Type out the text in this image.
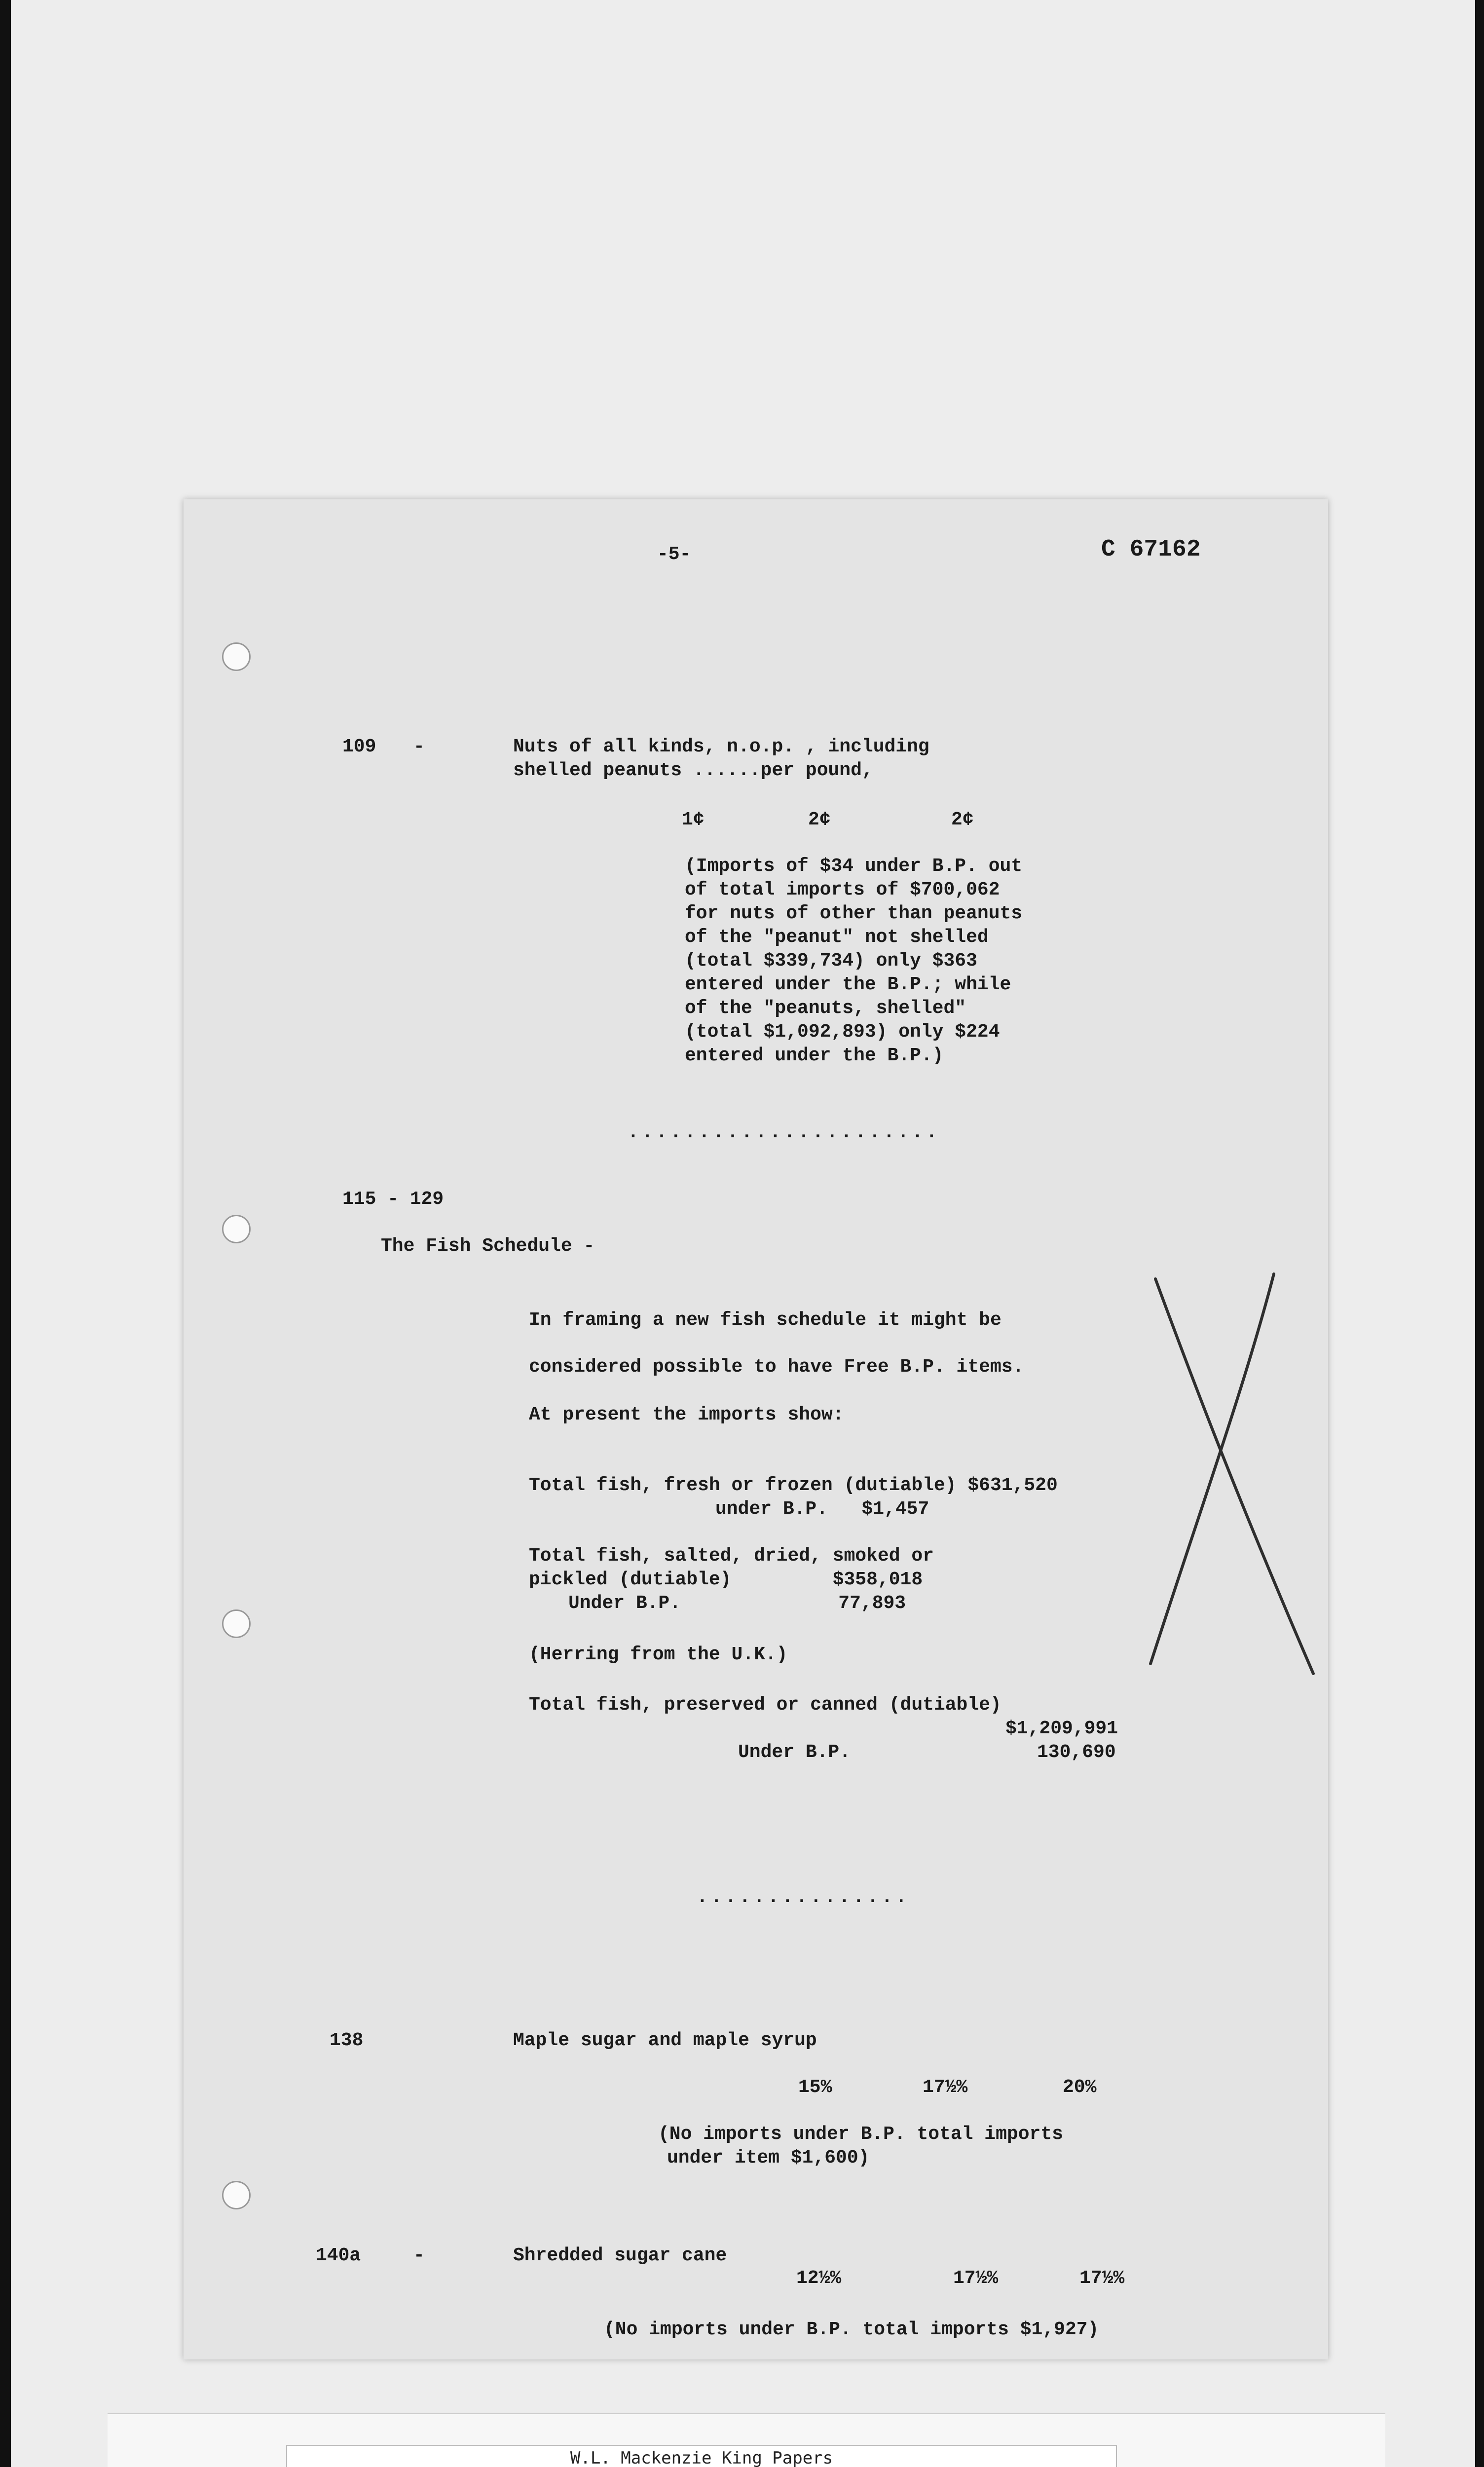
-5-	C 67162
109 -	Nuts of all kinds, n.o.p. , including
shelled peanuts ......per pound,
1¢	2¢	2¢
(Imports of $34 under B.P. out
of total imports of $700,062
for nuts of other than peanuts
of the "peanut" not shelled
(total $339,734) only $363
entered under the B.P.; while
of the "peanuts, shelled"
(total $1,092,893) only $224
entered under the B.P.)
......................
115 - 129
The Fish Schedule -
In framing a new fish schedule it might be
considered possible to have Free B.P. items.
At present the imports show:
Total fish, fresh or frozen (dutiable) $631,520
under B.P.   $1,457
Total fish, salted, dried, smoked or
pickled (dutiable)         $358,018
Under B.P.              77,893
(Herring from the U.K.)
Total fish, preserved or canned (dutiable)
$1,209,991
Under B.P.	130,690
...............
138	Maple sugar and maple syrup
15%	17½%	20%
(No imports under B.P. total imports
under item $1,600)
140a	-	Shredded sugar cane
12½%	17½%	17½%
(No imports under B.P. total imports $1,927)
W.L. Mackenzie King Papers
